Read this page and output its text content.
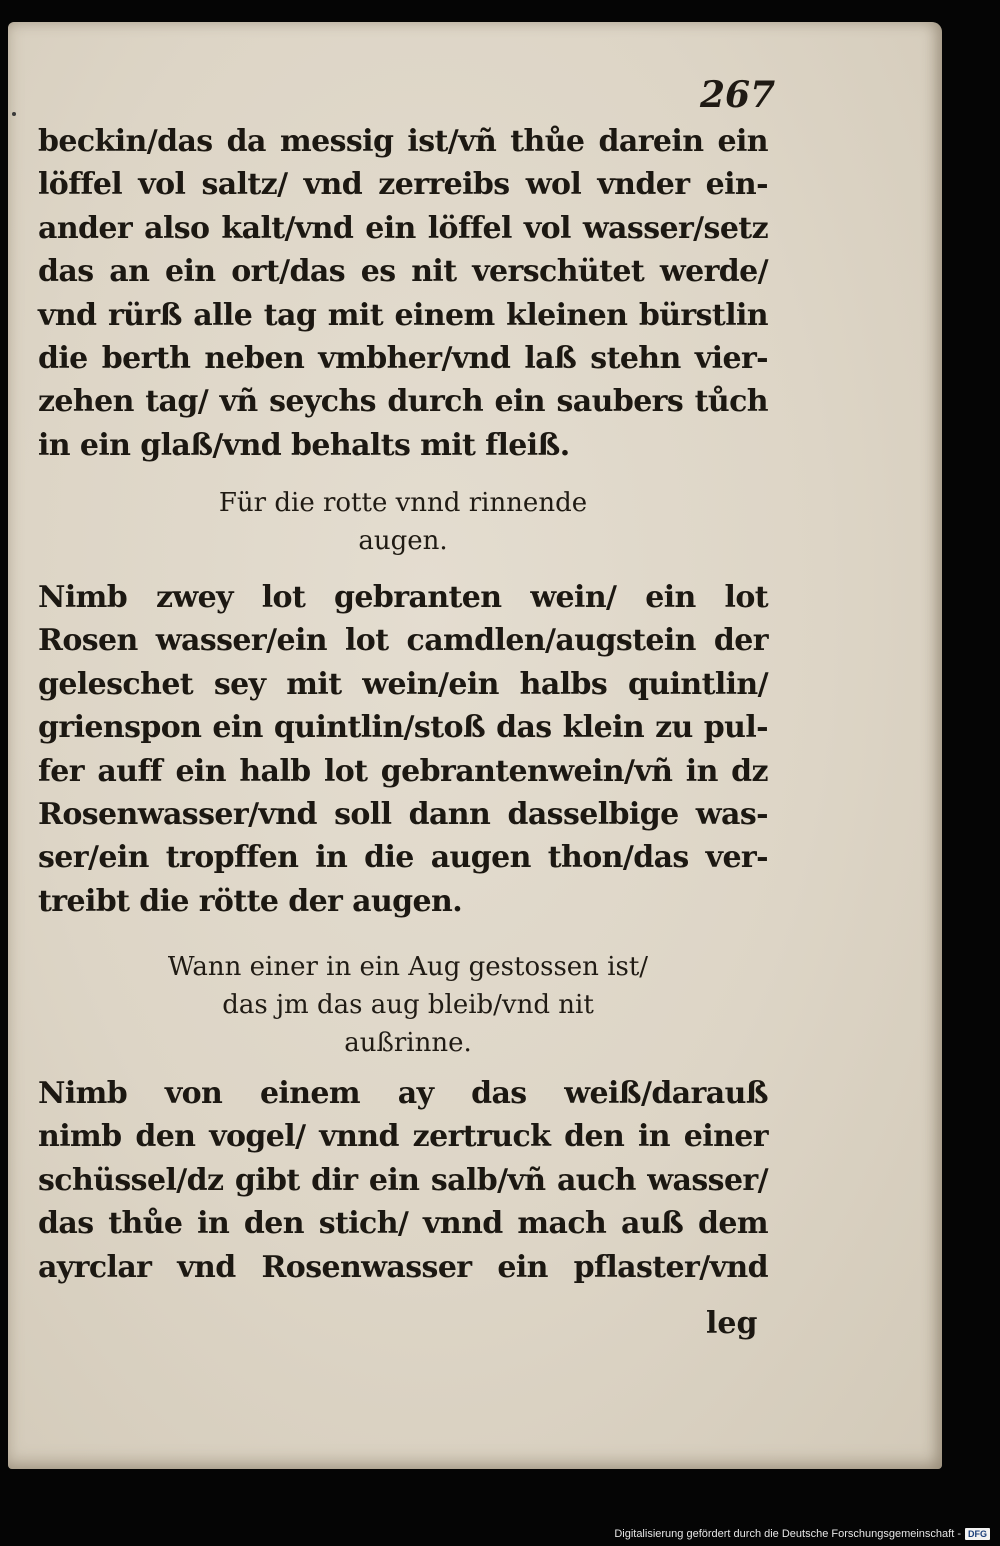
267
beckin/das da messig ist/vñ thůe darein ein
löffel vol saltz/ vnd zerreibs wol vnder ein-
ander also kalt/vnd ein löffel vol wasser/setz
das an ein ort/das es nit verschütet werde/
vnd rürß alle tag mit einem kleinen bürstlin
die berth neben vmbher/vnd laß stehn vier-
zehen tag/ vñ seychs durch ein saubers tůch
in ein glaß/vnd behalts mit fleiß.
Für die rotte vnnd rinnende
augen.
Nimb zwey lot gebranten wein/ ein lot
Rosen wasser/ein lot camdlen/augstein der
geleschet sey mit wein/ein halbs quintlin/
grienspon ein quintlin/stoß das klein zu pul-
fer auff ein halb lot gebrantenwein/vñ in dz
Rosenwasser/vnd soll dann dasselbige was-
ser/ein tropffen in die augen thon/das ver-
treibt die rötte der augen.
Wann einer in ein Aug gestossen ist/
das jm das aug bleib/vnd nit
außrinne.
Nimb von einem ay das weiß/darauß
nimb den vogel/ vnnd zertruck den in einer
schüssel/dz gibt dir ein salb/vñ auch wasser/
das thůe in den stich/ vnnd mach auß dem
ayrclar vnd Rosenwasser ein pflaster/vnd
leg
Digitalisierung gefördert durch die Deutsche Forschungsgemeinschaft - DFG
